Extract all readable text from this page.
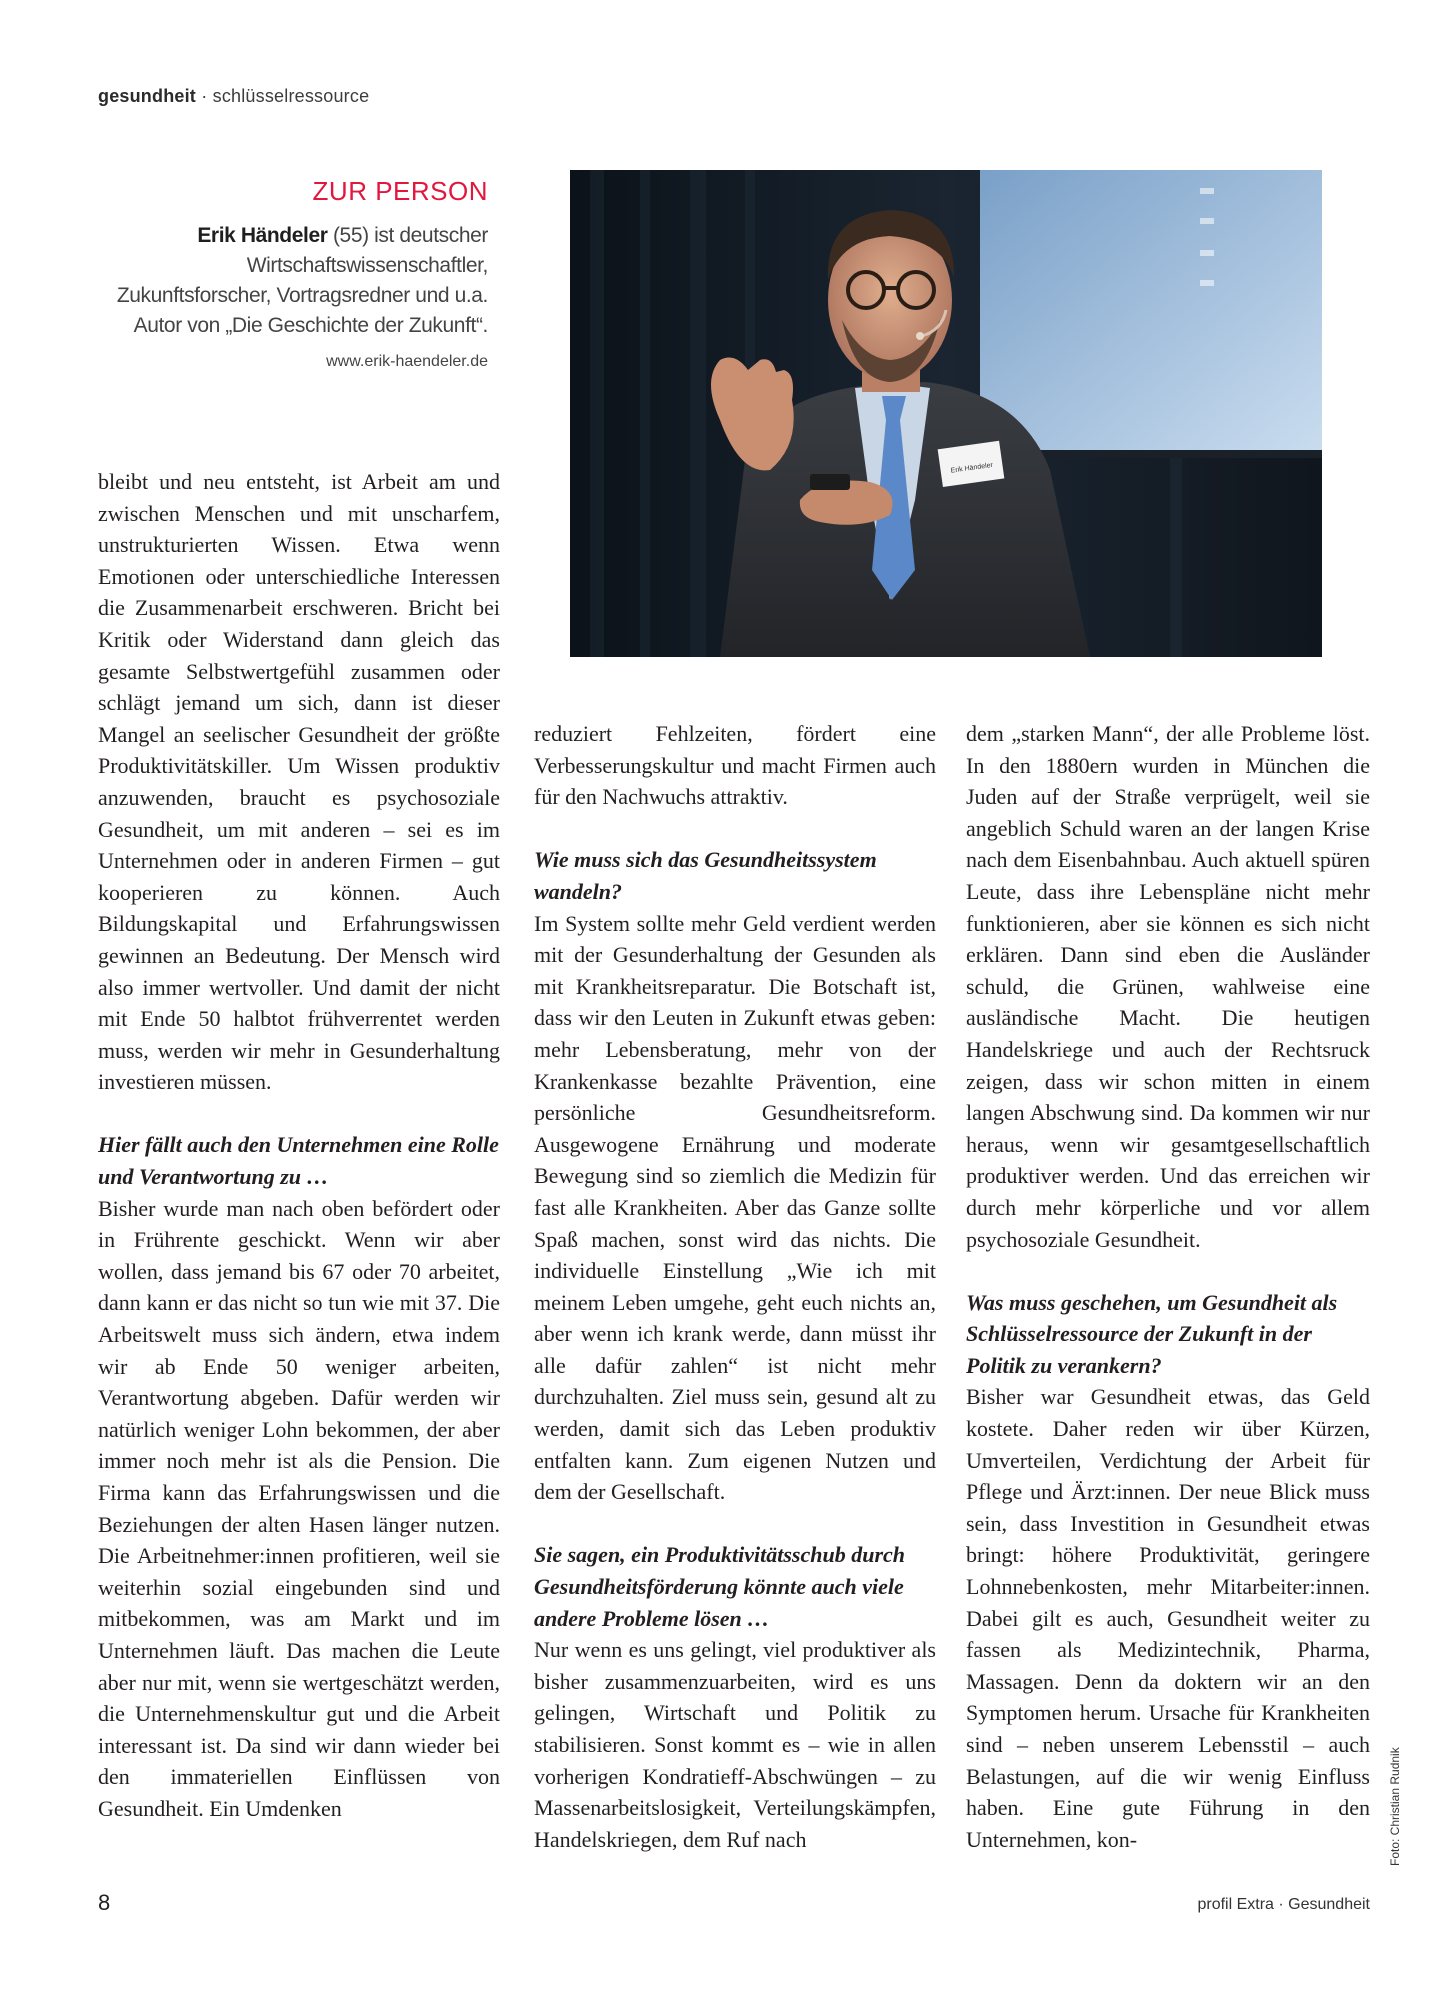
gesundheit · schlüsselressource
ZUR PERSON
Erik Händeler (55) ist deutscher Wirtschaftswissenschaftler, Zukunftsforscher, Vortragsredner und u.a. Autor von „Die Geschichte der Zukunft“.
www.erik-haendeler.de
Erik Händeler

bleibt und neu entsteht, ist Arbeit am und zwischen Menschen und mit unscharfem, unstrukturierten Wissen. Etwa wenn Emotionen oder unterschiedliche Interessen die Zusammenarbeit erschweren. Bricht bei Kritik oder Widerstand dann gleich das gesamte Selbstwertgefühl zusammen oder schlägt jemand um sich, dann ist dieser Mangel an seelischer Gesundheit der größte Produktivitätskiller. Um Wissen produktiv anzuwenden, braucht es psychosoziale Gesundheit, um mit anderen – sei es im Unternehmen oder in anderen Firmen – gut kooperieren zu können. Auch Bildungskapital und Erfahrungswissen gewinnen an Bedeutung. Der Mensch wird also immer wertvoller. Und damit der nicht mit Ende 50 halbtot frühverrentet werden muss, werden wir mehr in Gesunderhaltung investieren müssen.

Hier fällt auch den Unternehmen eine Rolle und Verantwortung zu …

Bisher wurde man nach oben befördert oder in Frührente geschickt. Wenn wir aber wollen, dass jemand bis 67 oder 70 arbeitet, dann kann er das nicht so tun wie mit 37. Die Arbeitswelt muss sich ändern, etwa indem wir ab Ende 50 weniger arbeiten, Verantwortung abgeben. Dafür werden wir natürlich weniger Lohn bekommen, der aber immer noch mehr ist als die Pension. Die Firma kann das Erfahrungswissen und die Beziehungen der alten Hasen länger nutzen. Die Arbeitnehmer:innen profitieren, weil sie weiterhin sozial eingebunden sind und mitbekommen, was am Markt und im Unternehmen läuft. Das machen die Leute aber nur mit, wenn sie wertgeschätzt werden, die Unternehmenskultur gut und die Arbeit interessant ist. Da sind wir dann wieder bei den immateriellen Einflüssen von Gesundheit. Ein Umdenken

reduziert Fehlzeiten, fördert eine Verbesserungskultur und macht Firmen auch für den Nachwuchs attraktiv.

Wie muss sich das Gesundheitssystem wandeln?

Im System sollte mehr Geld verdient werden mit der Gesunderhaltung der Gesunden als mit Krankheitsreparatur. Die Botschaft ist, dass wir den Leuten in Zukunft etwas geben: mehr Lebensberatung, mehr von der Krankenkasse bezahlte Prävention, eine persönliche Gesundheitsreform. Ausgewogene Ernährung und moderate Bewegung sind so ziemlich die Medizin für fast alle Krankheiten. Aber das Ganze sollte Spaß machen, sonst wird das nichts. Die individuelle Einstellung „Wie ich mit meinem Leben umgehe, geht euch nichts an, aber wenn ich krank werde, dann müsst ihr alle dafür zahlen“ ist nicht mehr durchzuhalten. Ziel muss sein, gesund alt zu werden, damit sich das Leben produktiv entfalten kann. Zum eigenen Nutzen und dem der Gesellschaft.

Sie sagen, ein Produktivitätsschub durch Gesundheitsförderung könnte auch viele andere Probleme lösen …

Nur wenn es uns gelingt, viel produktiver als bisher zusammenzuarbeiten, wird es uns gelingen, Wirtschaft und Politik zu stabilisieren. Sonst kommt es – wie in allen vorherigen Kondratieff-Abschwüngen – zu Massenarbeitslosigkeit, Verteilungskämpfen, Handelskriegen, dem Ruf nach

dem „starken Mann“, der alle Probleme löst. In den 1880ern wurden in München die Juden auf der Straße verprügelt, weil sie angeblich Schuld waren an der langen Krise nach dem Eisenbahnbau. Auch aktuell spüren Leute, dass ihre Lebenspläne nicht mehr funktionieren, aber sie können es sich nicht erklären. Dann sind eben die Ausländer schuld, die Grünen, wahlweise eine ausländische Macht. Die heutigen Handelskriege und auch der Rechtsruck zeigen, dass wir schon mitten in einem langen Abschwung sind. Da kommen wir nur heraus, wenn wir gesamtgesellschaftlich produktiver werden. Und das erreichen wir durch mehr körperliche und vor allem psychosoziale Gesundheit.

Was muss geschehen, um Gesundheit als Schlüsselressource der Zukunft in der Politik zu verankern?

Bisher war Gesundheit etwas, das Geld kostete. Daher reden wir über Kürzen, Umverteilen, Verdichtung der Arbeit für Pflege und Ärzt:innen. Der neue Blick muss sein, dass Investition in Gesundheit etwas bringt: höhere Produktivität, geringere Lohnnebenkosten, mehr Mitarbeiter:innen. Dabei gilt es auch, Gesundheit weiter zu fassen als Medizintechnik, Pharma, Massagen. Denn da doktern wir an den Symptomen herum. Ursache für Krankheiten sind – neben unserem Lebensstil – auch Belastungen, auf die wir wenig Einfluss haben. Eine gute Führung in den Unternehmen, kon-	Foto: Christian Rudnik
8	profil Extra · Gesundheit
